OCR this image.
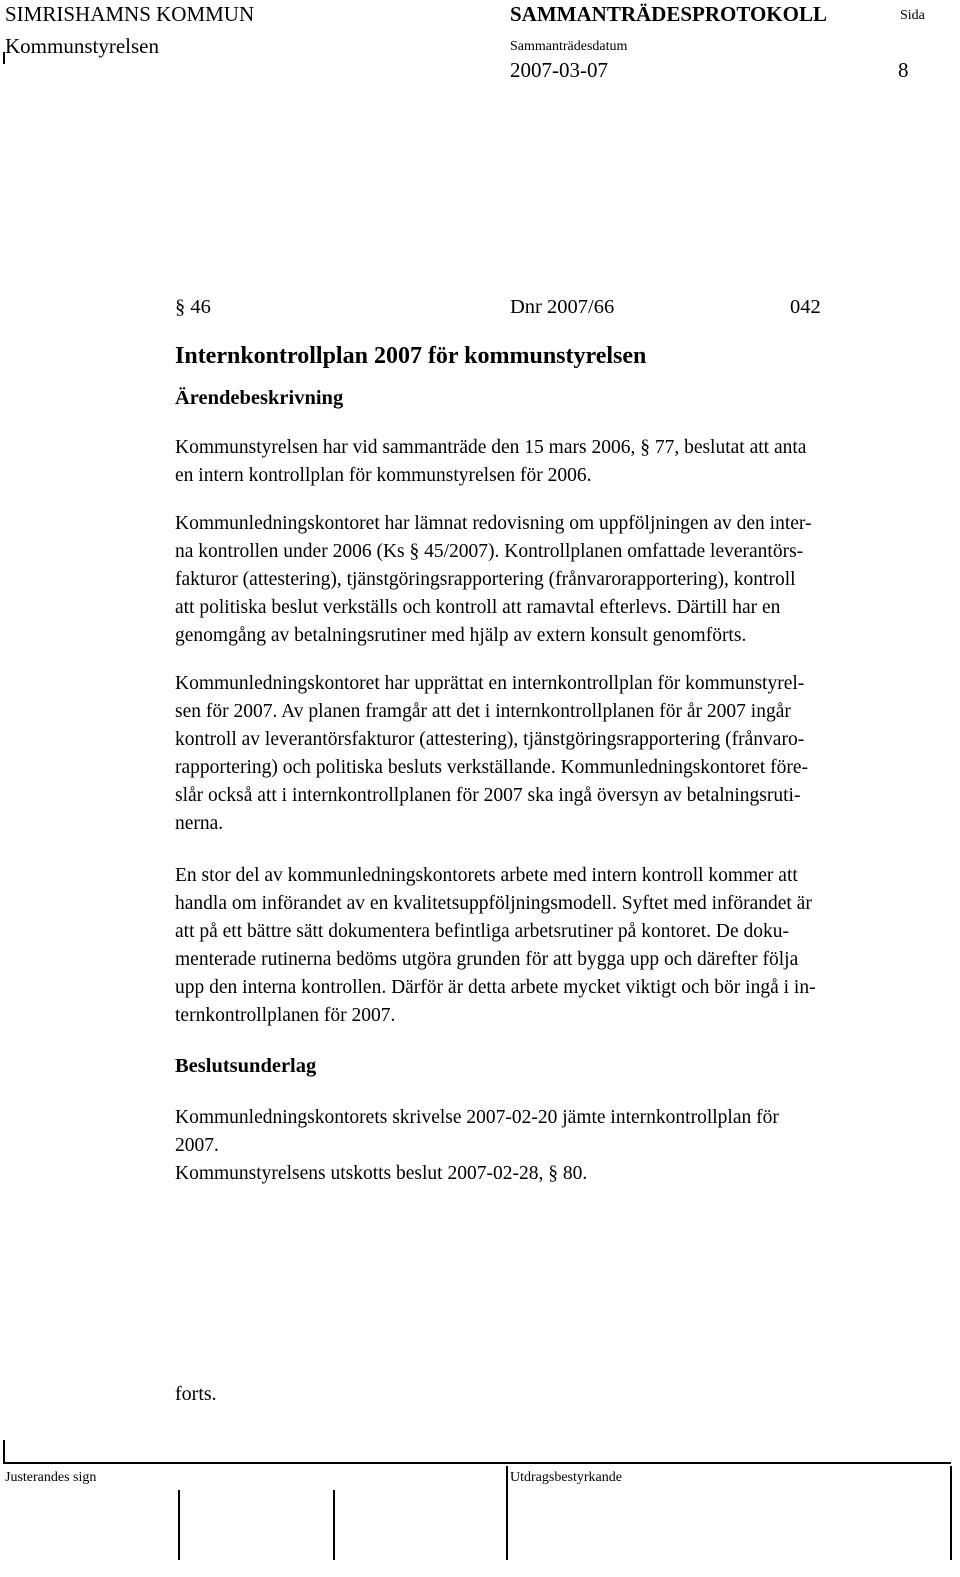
SIMRISHAMNS KOMMUN
Kommunstyrelsen
SAMMANTRÄDESPROTOKOLL	Sida
Sammanträdesdatum
2007-03-07	8
§ 46	Dnr 2007/66	042
Internkontrollplan 2007 för kommunstyrelsen
Ärendebeskrivning

Kommunstyrelsen har vid sammanträde den 15 mars 2006, § 77, beslutat att anta
en intern kontrollplan för kommunstyrelsen för 2006.

Kommunledningskontoret har lämnat redovisning om uppföljningen av den inter-
na kontrollen under 2006 (Ks § 45/2007). Kontrollplanen omfattade leverantörs-
fakturor (attestering), tjänstgöringsrapportering (frånvarorapportering), kontroll
att politiska beslut verkställs och kontroll att ramavtal efterlevs. Därtill har en
genomgång av betalningsrutiner med hjälp av extern konsult genomförts.

Kommunledningskontoret har upprättat en internkontrollplan för kommunstyrel-
sen för 2007. Av planen framgår att det i internkontrollplanen för år 2007 ingår
kontroll av leverantörsfakturor (attestering), tjänstgöringsrapportering (frånvaro-
rapportering) och politiska besluts verkställande. Kommunledningskontoret före-
slår också att i internkontrollplanen för 2007 ska ingå översyn av betalningsruti-
nerna.

En stor del av kommunledningskontorets arbete med intern kontroll kommer att
handla om införandet av en kvalitetsuppföljningsmodell. Syftet med införandet är
att på ett bättre sätt dokumentera befintliga arbetsrutiner på kontoret. De doku-
menterade rutinerna bedöms utgöra grunden för att bygga upp och därefter följa
upp den interna kontrollen. Därför är detta arbete mycket viktigt och bör ingå i in-
ternkontrollplanen för 2007.

Beslutsunderlag

Kommunledningskontorets skrivelse 2007-02-20 jämte internkontrollplan för
2007.
Kommunstyrelsens utskotts beslut 2007-02-28, § 80.

forts.

Justerandes sign	Utdragsbestyrkande
